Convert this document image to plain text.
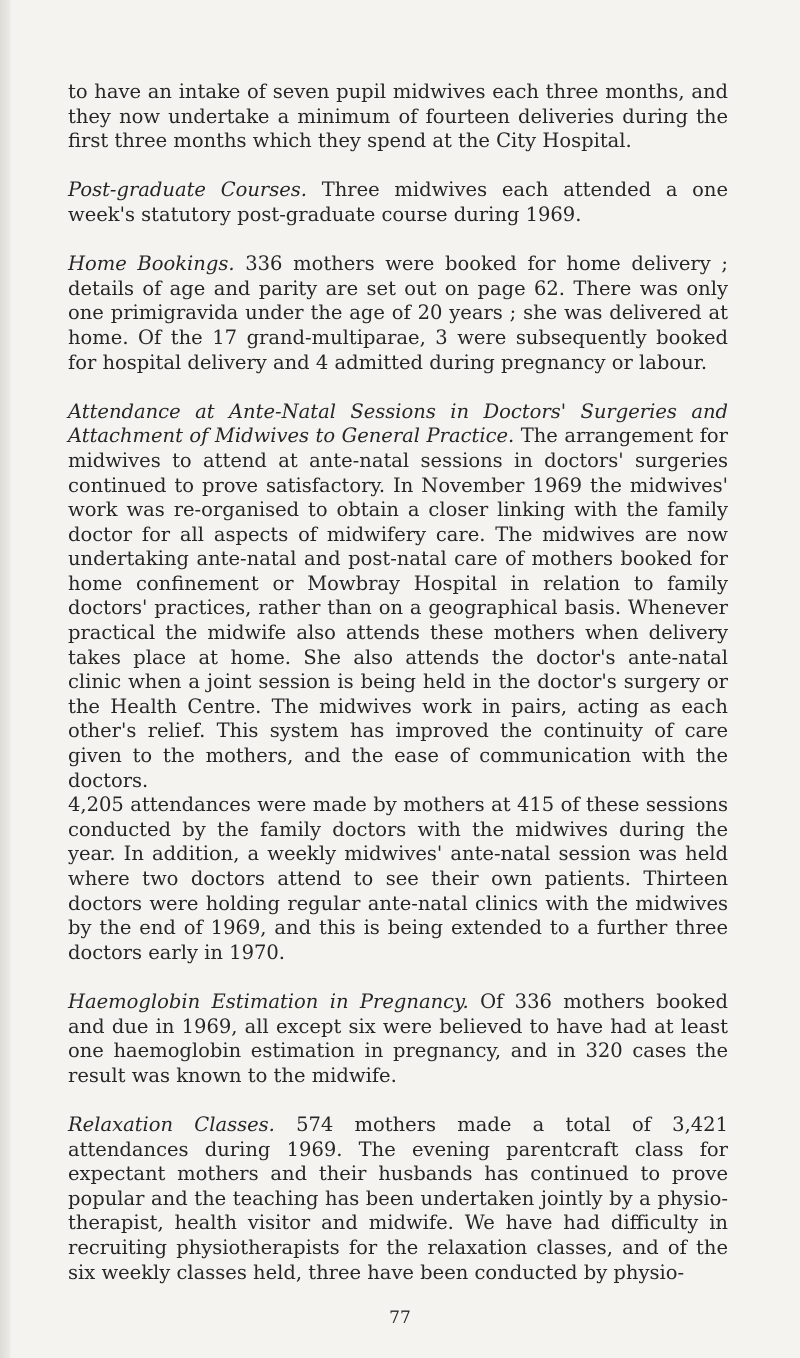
to have an intake of seven pupil midwives each three months, and they now undertake a minimum of fourteen deliveries during the first three months which they spend at the City Hospital.

Post-graduate Courses. Three midwives each attended a one week's statutory post-graduate course during 1969.

Home Bookings. 336 mothers were booked for home delivery ; details of age and parity are set out on page 62. There was only one primigravida under the age of 20 years ; she was delivered at home. Of the 17 grand-multiparae, 3 were subsequently booked for hospital delivery and 4 admitted during pregnancy or labour.

Attendance at Ante-Natal Sessions in Doctors' Surgeries and Attachment of Midwives to General Practice. The arrangement for midwives to attend at ante-natal sessions in doctors' surgeries continued to prove satisfactory. In November 1969 the midwives' work was re-organised to obtain a closer linking with the family doctor for all aspects of midwifery care. The midwives are now undertaking ante-natal and post-natal care of mothers booked for home confinement or Mowbray Hospital in relation to family doctors' practices, rather than on a geographical basis. Whenever practical the midwife also attends these mothers when delivery takes place at home. She also attends the doctor's ante-natal clinic when a joint session is being held in the doctor's surgery or the Health Centre. The midwives work in pairs, acting as each other's relief. This system has improved the continuity of care given to the mothers, and the ease of communication with the doctors.

4,205 attendances were made by mothers at 415 of these sessions conducted by the family doctors with the midwives during the year. In addition, a weekly midwives' ante-natal session was held where two doctors attend to see their own patients. Thirteen doctors were holding regular ante-natal clinics with the midwives by the end of 1969, and this is being extended to a further three doctors early in 1970.

Haemoglobin Estimation in Pregnancy. Of 336 mothers booked and due in 1969, all except six were believed to have had at least one haemoglobin estimation in pregnancy, and in 320 cases the result was known to the midwife.

Relaxation Classes. 574 mothers made a total of 3,421 attendances during 1969. The evening parentcraft class for expectant mothers and their husbands has continued to prove popular and the teaching has been undertaken jointly by a physio-therapist, health visitor and midwife. We have had difficulty in recruiting physiotherapists for the relaxation classes, and of the six weekly classes held, three have been conducted by physio-

77
